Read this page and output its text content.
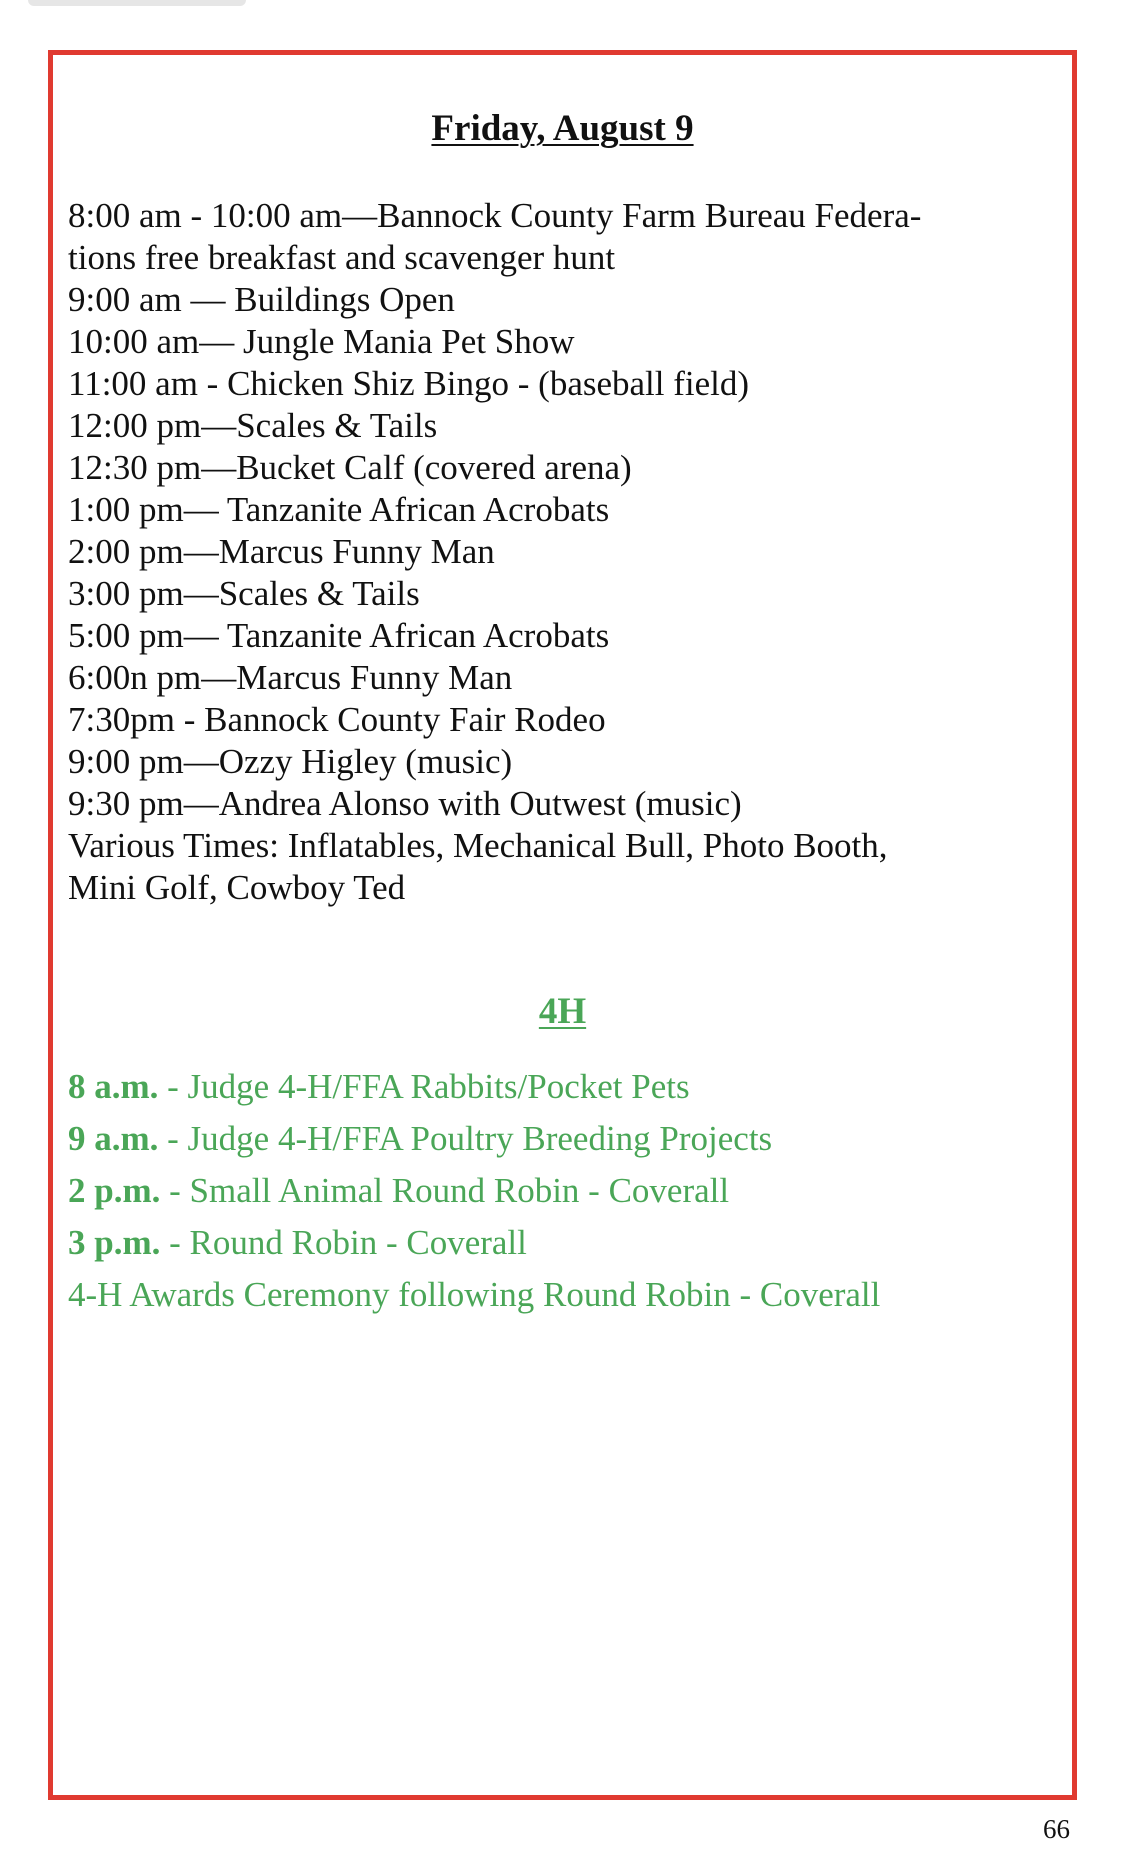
Friday, August 9
8:00 am - 10:00 am—Bannock County Farm Bureau Federa-
tions free breakfast and scavenger hunt
9:00 am — Buildings Open
10:00 am— Jungle Mania Pet Show
11:00 am - Chicken Shiz Bingo - (baseball field)
12:00 pm—Scales & Tails
12:30 pm—Bucket Calf (covered arena)
1:00 pm— Tanzanite African Acrobats
2:00 pm—Marcus Funny Man
3:00 pm—Scales & Tails
5:00 pm— Tanzanite African Acrobats
6:00n pm—Marcus Funny Man
7:30pm - Bannock County Fair Rodeo
9:00 pm—Ozzy Higley (music)
9:30 pm—Andrea Alonso with Outwest (music)
Various Times: Inflatables, Mechanical Bull, Photo Booth,
Mini Golf, Cowboy Ted
4H
8 a.m. - Judge 4-H/FFA Rabbits/Pocket Pets
9 a.m. - Judge 4-H/FFA Poultry Breeding Projects
2 p.m. - Small Animal Round Robin - Coverall
3 p.m. - Round Robin - Coverall
4-H Awards Ceremony following Round Robin - Coverall
66
